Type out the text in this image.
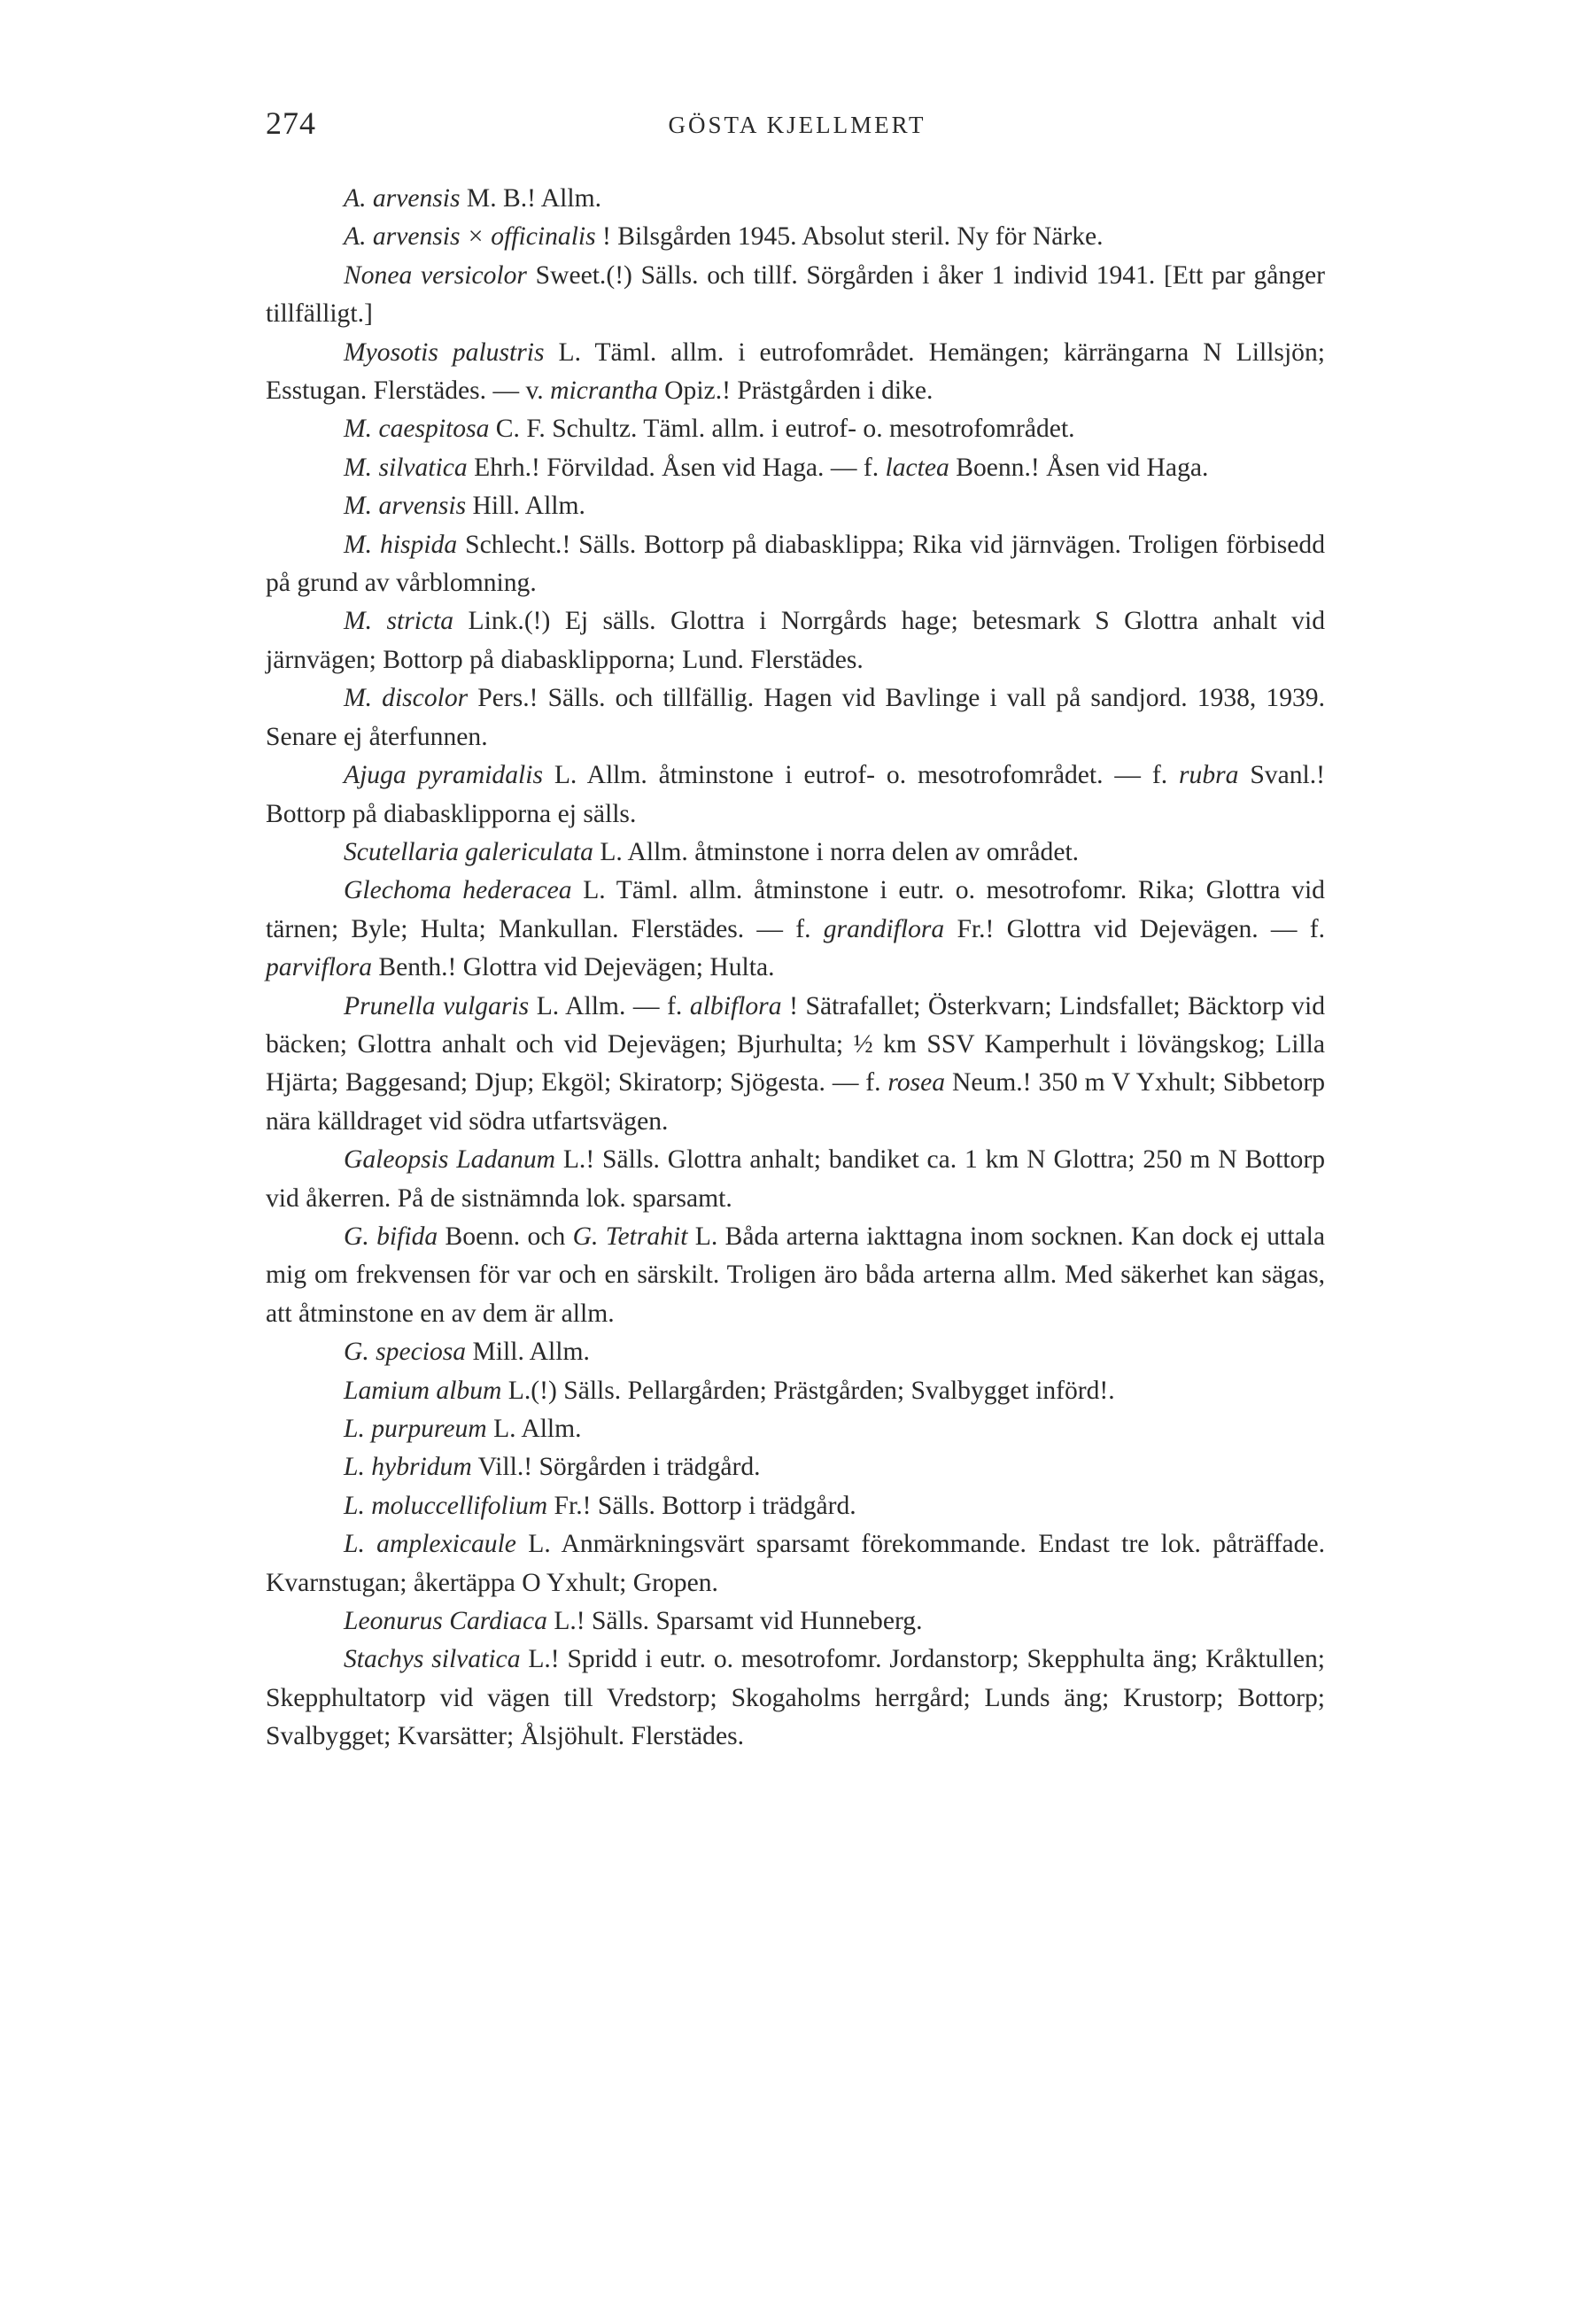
274	GÖSTA KJELLMERT

A. arvensis M. B.! Allm.

A. arvensis × officinalis ! Bilsgården 1945. Absolut steril. Ny för Närke.

Nonea versicolor Sweet.(!) Sälls. och tillf. Sörgården i åker 1 individ 1941. [Ett par gånger tillfälligt.]

Myosotis palustris L. Täml. allm. i eutrofområdet. Hemängen; kärrängarna N Lillsjön; Esstugan. Flerstädes. — v. micrantha Opiz.! Prästgården i dike.

M. caespitosa C. F. Schultz. Täml. allm. i eutrof- o. mesotrofområdet.

M. silvatica Ehrh.! Förvildad. Åsen vid Haga. — f. lactea Boenn.! Åsen vid Haga.

M. arvensis Hill. Allm.

M. hispida Schlecht.! Sälls. Bottorp på diabasklippa; Rika vid järnvägen. Troligen förbisedd på grund av vårblomning.

M. stricta Link.(!) Ej sälls. Glottra i Norrgårds hage; betesmark S Glottra anhalt vid järnvägen; Bottorp på diabasklipporna; Lund. Flerstädes.

M. discolor Pers.! Sälls. och tillfällig. Hagen vid Bavlinge i vall på sandjord. 1938, 1939. Senare ej återfunnen.

Ajuga pyramidalis L. Allm. åtminstone i eutrof- o. mesotrofområdet. — f. rubra Svanl.! Bottorp på diabasklipporna ej sälls.

Scutellaria galericulata L. Allm. åtminstone i norra delen av området.

Glechoma hederacea L. Täml. allm. åtminstone i eutr. o. mesotrofomr. Rika; Glottra vid tärnen; Byle; Hulta; Mankullan. Flerstädes. — f. grandiflora Fr.! Glottra vid Dejevägen. — f. parviflora Benth.! Glottra vid Dejevägen; Hulta.

Prunella vulgaris L. Allm. — f. albiflora ! Sätrafallet; Österkvarn; Lindsfallet; Bäcktorp vid bäcken; Glottra anhalt och vid Dejevägen; Bjurhulta; ½ km SSV Kamperhult i lövängskog; Lilla Hjärta; Baggesand; Djup; Ekgöl; Skiratorp; Sjögesta. — f. rosea Neum.! 350 m V Yxhult; Sibbetorp nära källdraget vid södra utfartsvägen.

Galeopsis Ladanum L.! Sälls. Glottra anhalt; bandiket ca. 1 km N Glottra; 250 m N Bottorp vid åkerren. På de sistnämnda lok. sparsamt.

G. bifida Boenn. och G. Tetrahit L. Båda arterna iakttagna inom socknen. Kan dock ej uttala mig om frekvensen för var och en särskilt. Troligen äro båda arterna allm. Med säkerhet kan sägas, att åtminstone en av dem är allm.

G. speciosa Mill. Allm.

Lamium album L.(!) Sälls. Pellargården; Prästgården; Svalbygget införd!.

L. purpureum L. Allm.

L. hybridum Vill.! Sörgården i trädgård.

L. moluccellifolium Fr.! Sälls. Bottorp i trädgård.

L. amplexicaule L. Anmärkningsvärt sparsamt förekommande. Endast tre lok. påträffade. Kvarnstugan; åkertäppa O Yxhult; Gropen.

Leonurus Cardiaca L.! Sälls. Sparsamt vid Hunneberg.

Stachys silvatica L.! Spridd i eutr. o. mesotrofomr. Jordanstorp; Skepphulta äng; Kråktullen; Skepphultatorp vid vägen till Vredstorp; Skogaholms herrgård; Lunds äng; Krustorp; Bottorp; Svalbygget; Kvarsätter; Ålsjöhult. Flerstädes.
